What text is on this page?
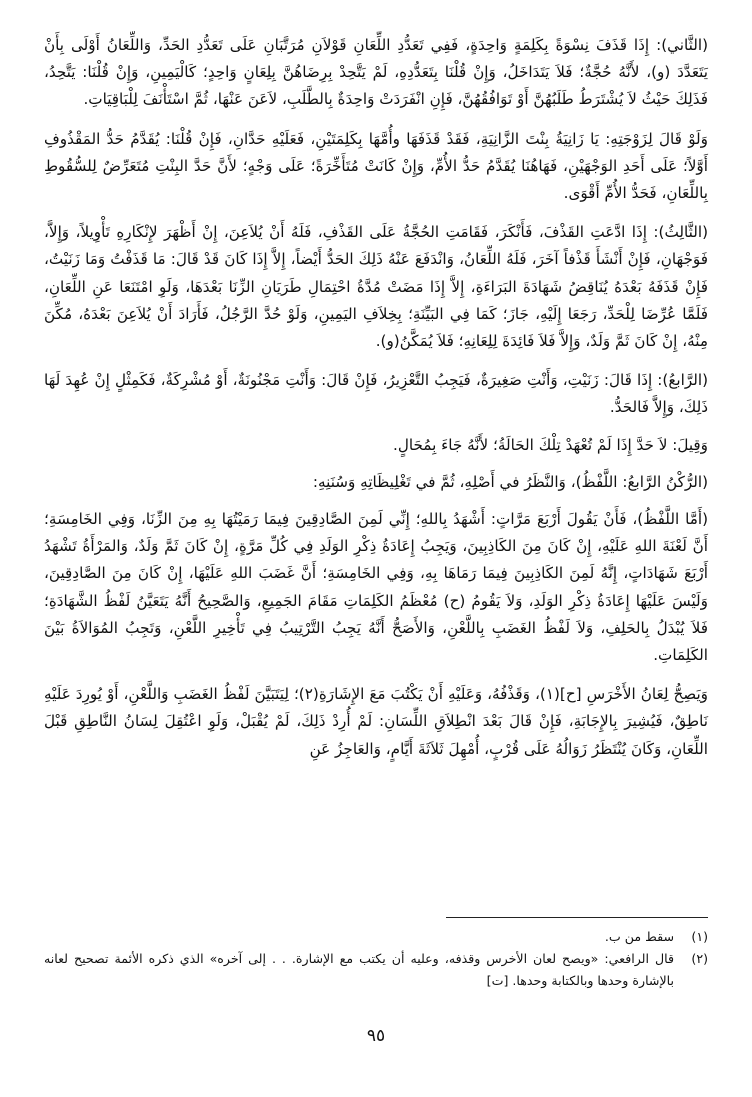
(الثَّاني): إِذَا قَذَفَ نِسْوَةً بِكَلِمَةٍ وَاحِدَةٍ، فَفِي تَعَدُّدِ اللِّعَانِ قَوْلاَنِ مُرَتَّبَانِ عَلَى تَعَدُّدِ الحَدِّ، وَاللِّعَانُ أَوْلَى بِأَنْ يَتَعَدَّدَ (و)، لأَنَّهُ حُجَّةٌ؛ فَلاَ يَتَدَاخَلُ، وَإِنْ قُلْنَا بِتَعَدُّدِهِ، لَمْ يَتَّحِدْ بِرِضَاهُنَّ بِلِعَانٍ وَاحِدٍ؛ كَالْيَمِينِ، وَإِنْ قُلْنَا: يَتَّحِدُ، فَذَلِكَ حَيْثُ لاَ يُشْتَرَطُ طَلَبُهُنَّ أَوْ تَوَافُقُهُنَّ، فَإِنِ انْفَرَدَتْ وَاحِدَةٌ بِالطَّلَبِ، لاَعَنَ عَنْهَا، ثُمَّ اسْتَأْنَفَ لِلْبَاقِيَاتِ.

وَلَوْ قَالَ لِزَوْجَتِهِ: يَا زَانِيَةُ بِنْتَ الزَّانِيَةِ، فَقَدْ قَذَفَهَا وأُمَّهَا بِكَلِمَتَيْنِ، فَعَلَيْهِ حَدَّانِ، فَإِنْ قُلْنَا: يُقَدَّمُ حَدُّ المَقْذُوفِ أَوَّلاً؛ عَلَى أَحَدِ الوَجْهَيْنِ، فَهَاهُنَا يُقَدَّمُ حَدُّ الأُمِّ، وَإِنْ كَانَتْ مُتَأَخِّرَةً؛ عَلَى وَجْهٍ؛ لأَنَّ حَدَّ البِنْتِ مُتَعَرِّضٌ لِلسُّقُوطِ بِاللِّعَانِ، فَحَدُّ الأُمِّ أَقْوَى.

(الثَّالِثُ): إِذَا ادَّعَتِ القَذْفَ، فَأَنْكَرَ، فَقَامَتِ الحُجَّةُ عَلَى القَذْفِ، فَلَهُ أَنْ يُلاَعِنَ، إِنْ أَظْهَرَ لإِنْكَارِهِ تَأْوِيلاً، وَإِلاَّ، فَوَجْهَانِ، فَإِنْ أَنْشَأَ قَذْفاً آخَرَ، فَلَهُ اللِّعَانُ، وَانْدَفَعَ عَنْهُ ذَلِكَ الحَدُّ أَيْضاً، إِلاَّ إِذَا كَانَ قَدْ قَالَ: مَا قَذَفْتُ وَمَا زَنَيْتُ، فَإِنْ قَذَفَهُ بَعْدَهُ يُنَاقِضُ شَهَادَةَ البَرَاءَةِ، إِلاَّ إِذَا مَضَتْ مُدَّةُ احْتِمَالِ طَرَيَانِ الزِّنَا بَعْدَهَا، وَلَوِ امْتَنَعَا عَنِ اللِّعَانِ، فَلَمَّا عُرِّضَا لِلْحَدِّ، رَجَعَا إِلَيْهِ، جَازَ؛ كَمَا فِي البَيِّنَةِ؛ بِخِلاَفِ اليَمِينِ، وَلَوْ حُدَّ الرَّجُلُ، فَأَرَادَ أَنْ يُلاَعِنَ بَعْدَهُ، مُكِّنَ مِنْهُ، إِنْ كَانَ ثَمَّ وَلَدٌ، وَإِلاَّ فَلاَ فَائِدَةَ لِلِعَانِهِ؛ فَلاَ يُمَكَّنُ(و).

(الرَّابعُ): إِذَا قَالَ: زَنَيْتِ، وَأَنْتِ صَغِيرَةٌ، فَيَجِبُ التَّعْزِيرُ، فَإِنْ قَالَ: وَأَنْتِ مَجْنُونَةٌ، أَوْ مُشْرِكَةٌ، فَكَمِثْلٍ إِنْ عُهِدَ لَهَا ذَلِكَ، وَإِلاَّ فَالحَدُّ.

وَقِيلَ: لاَ حَدَّ إِذَا لَمْ تُعْهَدْ تِلْكَ الحَالَةُ؛ لأَنَّهُ جَاءَ بِمُحَالٍ.

(الرُّكْنُ الرَّابعُ: اللَّفْظُ)، وَالنَّظَرُ في أَصْلِهِ، ثُمَّ في تَغْلِيظَاتِهِ وَسُنَنِهِ:

(أَمَّا اللَّفْظُ)، فَأَنْ يَقُولَ أَرْبَعَ مَرَّاتٍ: أَشْهَدُ بِاللهِ؛ إِنِّي لَمِنَ الصَّادِقِينَ فِيمَا رَمَيْتُهَا بِهِ مِنَ الزِّنَا، وَفِي الخَامِسَةِ؛ أَنَّ لَعْنَةَ اللهِ عَلَيْهِ، إِنْ كَانَ مِنَ الكَاذِبِينَ، وَيَجِبُ إِعَادَةُ ذِكْرِ الوَلَدِ فِي كُلِّ مَرَّةٍ، إِنْ كَانَ ثَمَّ وَلَدٌ، وَالمَرْأَةُ تَشْهَدُ أَرْبَعَ شَهَادَاتٍ، إِنَّهُ لَمِنَ الكَاذِبِينَ فِيمَا رَمَاهَا بِهِ، وَفِي الخَامِسَةِ؛ أَنَّ غَضَبَ اللهِ عَلَيْهَا، إِنْ كَانَ مِنَ الصَّادِقِينَ، وَلَيْسَ عَلَيْهَا إِعَادَةُ ذِكْرِ الوَلَدِ، وَلاَ يَقُومُ (ح) مُعْظَمُ الكَلِمَاتِ مَقَامَ الجَمِيعِ، وَالصَّحِيحُ أَنَّهُ يَتَعَيَّنُ لَفْظُ الشَّهَادَةِ؛ فَلاَ يُبْدَلُ بِالحَلِفِ، وَلاَ لَفْظُ الغَضَبِ بِاللَّعْنِ، وَالأَصَحُّ أَنَّهُ يَجِبُ التَّرْتِيبُ فِي تَأْخِيرِ اللَّعْنِ، وَتَجِبُ المُوَالاَةُ بَيْنَ الكَلِمَاتِ.

وَيَصِحُّ لِعَانُ الأَخْرَسِ [ح](١)، وَقَذْفُهُ، وَعَلَيْهِ أَنْ يَكْتُبَ مَعَ الإِشَارَةِ(٢)؛ لِيَتَبَيَّنَ لَفْظُ الغَضَبِ وَاللَّعْنِ، أَوْ يُورِدَ عَلَيْهِ نَاطِقٌ، فَيُشِيرَ بِالإِجَابَةِ، فَإِنْ قَالَ بَعْدَ انْطِلاَقِ اللِّسَانِ: لَمْ أُرِدْ ذَلِكَ، لَمْ يُقْبَلْ، وَلَوِ اعْتُقِلَ لِسَانُ النَّاطِقِ قَبْلَ اللِّعَانِ، وَكَانَ يُنْتَظَرُ زَوَالُهُ عَلَى قُرْبٍ، أُمْهِلَ ثَلاَثَةَ أَيَّامٍ، وَالعَاجِزُ عَنِ

(١)
سقط من ب.
(٢)
قال الرافعي: «ويصح لعان الأخرس وقذفه، وعليه أن يكتب مع الإشارة. . . إلى آخره» الذي ذكره الأئمة تصحيح لعانه بالإشارة وحدها وبالكتابة وحدها. [ت]
٩٥
